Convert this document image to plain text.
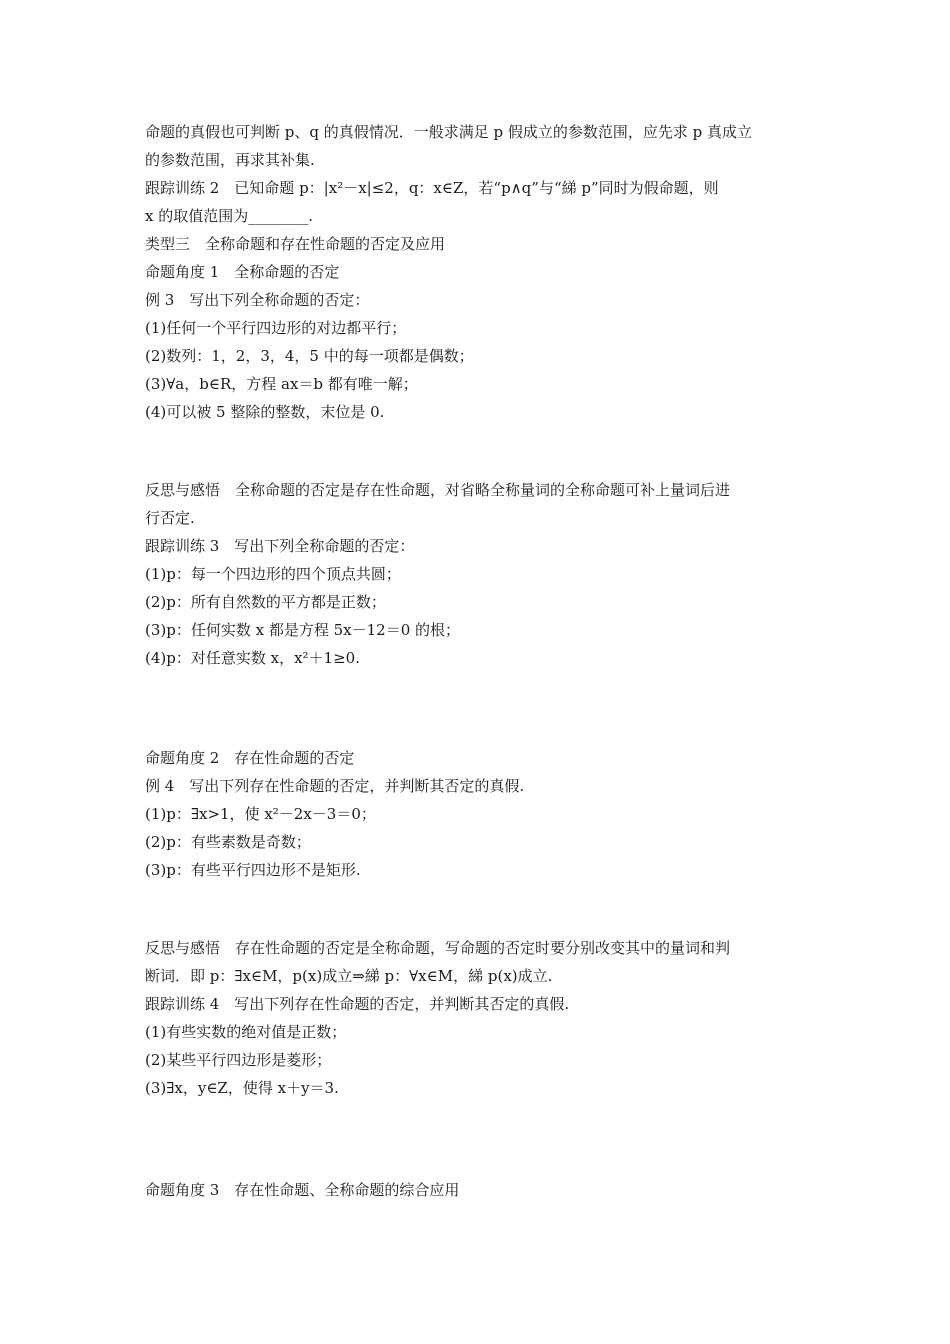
命题的真假也可判断 p、q 的真假情况．一般求满足 p 假成立的参数范围，应先求 p 真成立
的参数范围，再求其补集.
跟踪训练 2　已知命题 p：|x²－x|≤2，q：x∈Z，若“p∧q”与“綈 p”同时为假命题，则
x 的取值范围为________.
类型三　全称命题和存在性命题的否定及应用
命题角度 1　全称命题的否定
例 3　写出下列全称命题的否定：
(1)任何一个平行四边形的对边都平行；
(2)数列：1，2，3，4，5 中的每一项都是偶数；
(3)∀a，b∈R，方程 ax＝b 都有唯一解；
(4)可以被 5 整除的整数，末位是 0.
反思与感悟　全称命题的否定是存在性命题，对省略全称量词的全称命题可补上量词后进
行否定.
跟踪训练 3　写出下列全称命题的否定：
(1)p：每一个四边形的四个顶点共圆；
(2)p：所有自然数的平方都是正数；
(3)p：任何实数 x 都是方程 5x－12＝0 的根；
(4)p：对任意实数 x，x²＋1≥0.
命题角度 2　存在性命题的否定
例 4　写出下列存在性命题的否定，并判断其否定的真假.
(1)p：∃x>1，使 x²－2x－3＝0；
(2)p：有些素数是奇数；
(3)p：有些平行四边形不是矩形.
反思与感悟　存在性命题的否定是全称命题，写命题的否定时要分别改变其中的量词和判
断词．即 p：∃x∈M，p(x)成立⇒綈 p：∀x∈M，綈 p(x)成立.
跟踪训练 4　写出下列存在性命题的否定，并判断其否定的真假.
(1)有些实数的绝对值是正数；
(2)某些平行四边形是菱形；
(3)∃x，y∈Z，使得 x＋y＝3.
命题角度 3　存在性命题、全称命题的综合应用
